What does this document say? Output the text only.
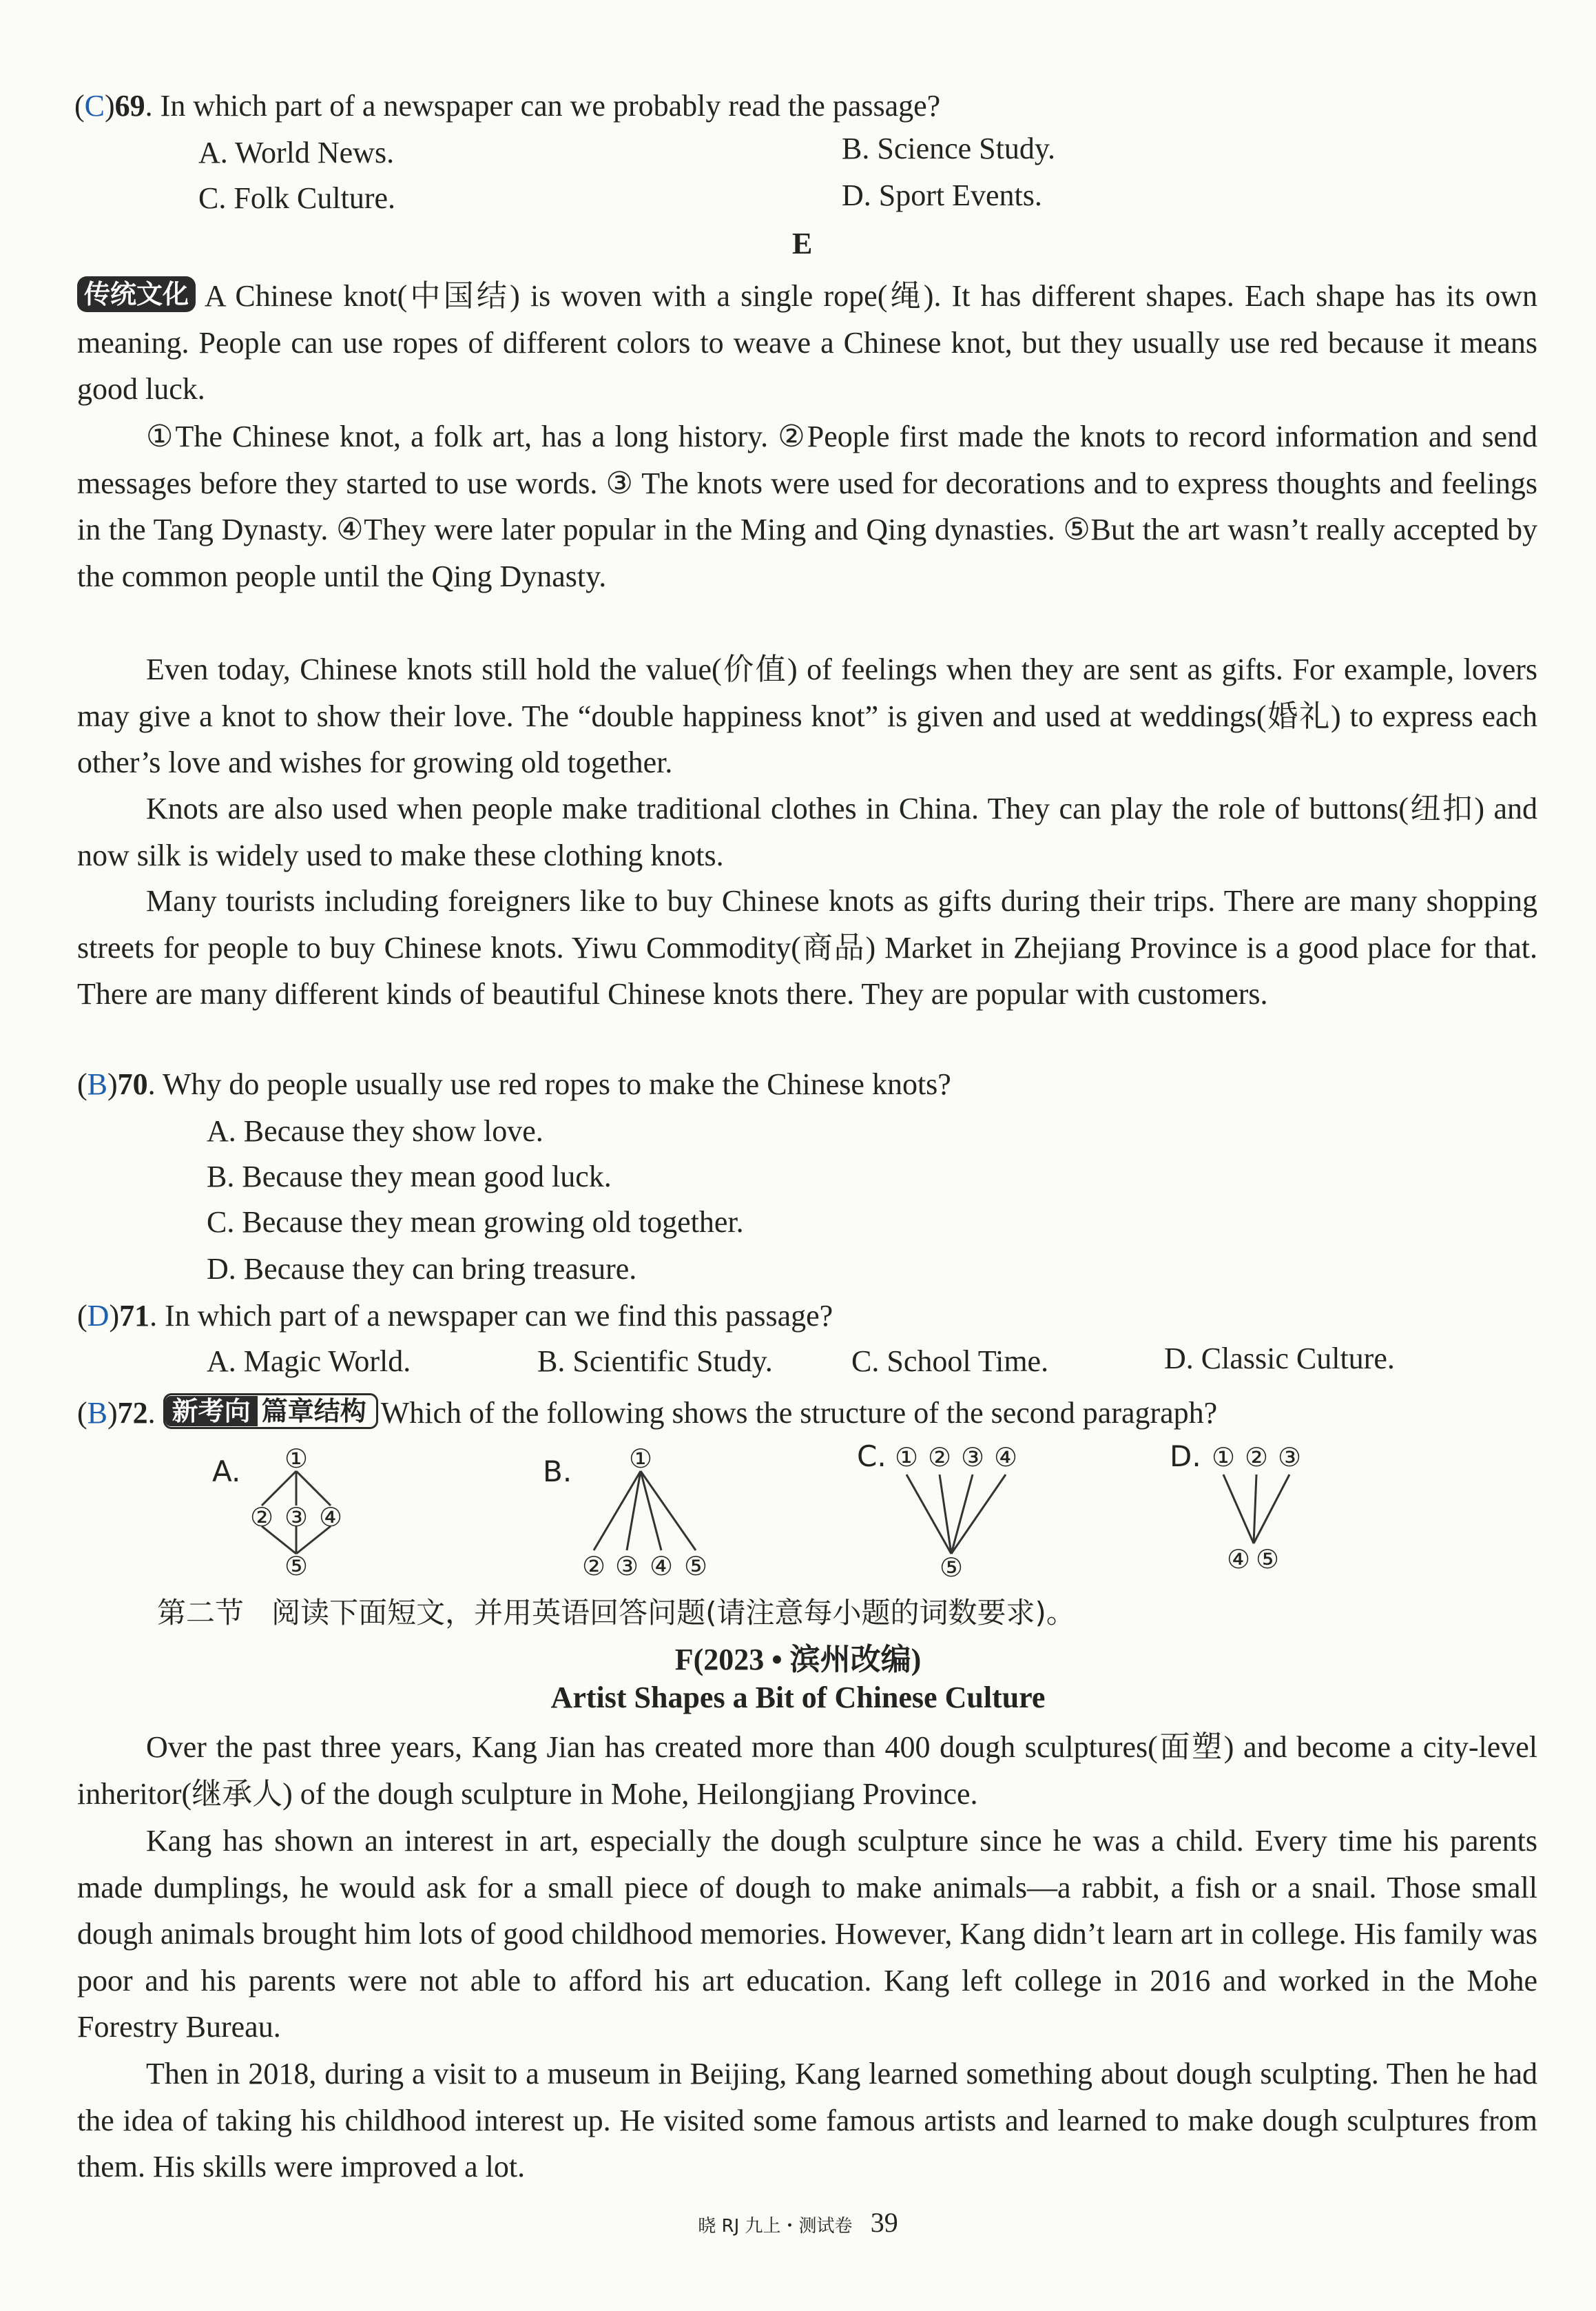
(C)69. In which part of a newspaper can we probably read the passage?
A. World News.	B. Science Study.
C. Folk Culture.	D. Sport Events.
E

传统文化 A Chinese knot(中国结) is woven with a single rope(绳). It has different shapes. Each shape has its own meaning. People can use ropes of different colors to weave a Chinese knot, but they usually use red because it means good luck.

①The Chinese knot, a folk art, has a long history. ②People first made the knots to record information and send messages before they started to use words. ③ The knots were used for decorations and to express thoughts and feelings in the Tang Dynasty. ④They were later popular in the Ming and Qing dynasties. ⑤But the art wasn’t really accepted by the common people until the Qing Dynasty.

Even today, Chinese knots still hold the value(价值) of feelings when they are sent as gifts. For example, lovers may give a knot to show their love. The “double happiness knot” is given and used at weddings(婚礼) to express each other’s love and wishes for growing old together.

Knots are also used when people make traditional clothes in China. They can play the role of buttons(纽扣) and now silk is widely used to make these clothing knots.

Many tourists including foreigners like to buy Chinese knots as gifts during their trips. There are many shopping streets for people to buy Chinese knots. Yiwu Commodity(商品) Market in Zhejiang Province is a good place for that. There are many different kinds of beautiful Chinese knots there. They are popular with customers.

(B)70. Why do people usually use red ropes to make the Chinese knots?
A. Because they show love.
B. Because they mean good luck.
C. Because they mean growing old together.
D. Because they can bring treasure.
(D)71. In which part of a newspaper can we find this passage?
A. Magic World.	B. Scientific Study.	C. School Time.	D. Classic Culture.
(B)72. 新考向 篇章结构 Which of the following shows the structure of the second paragraph?
A. ①
② ③ ④
⑤
B. ①
② ③ ④ ⑤
C. ① ② ③ ④
⑤
D. ① ② ③
④ ⑤
第二节 阅读下面短文，并用英语回答问题(请注意每小题的词数要求)。
F(2023 • 滨州改编)
Artist Shapes a Bit of Chinese Culture

Over the past three years, Kang Jian has created more than 400 dough sculptures(面塑) and become a city-level inheritor(继承人) of the dough sculpture in Mohe, Heilongjiang Province.

Kang has shown an interest in art, especially the dough sculpture since he was a child. Every time his parents made dumplings, he would ask for a small piece of dough to make animals—a rabbit, a fish or a snail. Those small dough animals brought him lots of good childhood memories. However, Kang didn’t learn art in college. His family was poor and his parents were not able to afford his art education. Kang left college in 2016 and worked in the Mohe Forestry Bureau.

Then in 2018, during a visit to a museum in Beijing, Kang learned something about dough sculpting. Then he had the idea of taking his childhood interest up. He visited some famous artists and learned to make dough sculptures from them. His skills were improved a lot.

晓 RJ 九上・测试卷 39
